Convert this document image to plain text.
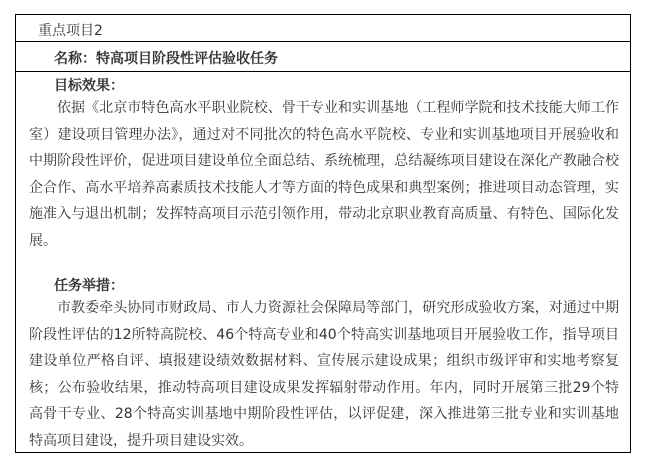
重点项目2
名称：特高项目阶段性评估验收任务
目标效果：
依据《北京市特色高水平职业院校、骨干专业和实训基地（工程师学院和技术技能大师工作室）建设项目管理办法》，通过对不同批次的特色高水平院校、专业和实训基地项目开展验收和中期阶段性评价，促进项目建设单位全面总结、系统梳理，总结凝练项目建设在深化产教融合校企合作、高水平培养高素质技术技能人才等方面的特色成果和典型案例；推进项目动态管理，实施准入与退出机制；发挥特高项目示范引领作用，带动北京职业教育高质量、有特色、国际化发展。
任务举措：
市教委牵头协同市财政局、市人力资源社会保障局等部门，研究形成验收方案，对通过中期阶段性评估的12所特高院校、46个特高专业和40个特高实训基地项目开展验收工作，指导项目建设单位严格自评、填报建设绩效数据材料、宣传展示建设成果；组织市级评审和实地考察复核；公布验收结果，推动特高项目建设成果发挥辐射带动作用。年内，同时开展第三批29个特高骨干专业、28个特高实训基地中期阶段性评估，以评促建，深入推进第三批专业和实训基地特高项目建设，提升项目建设实效。
